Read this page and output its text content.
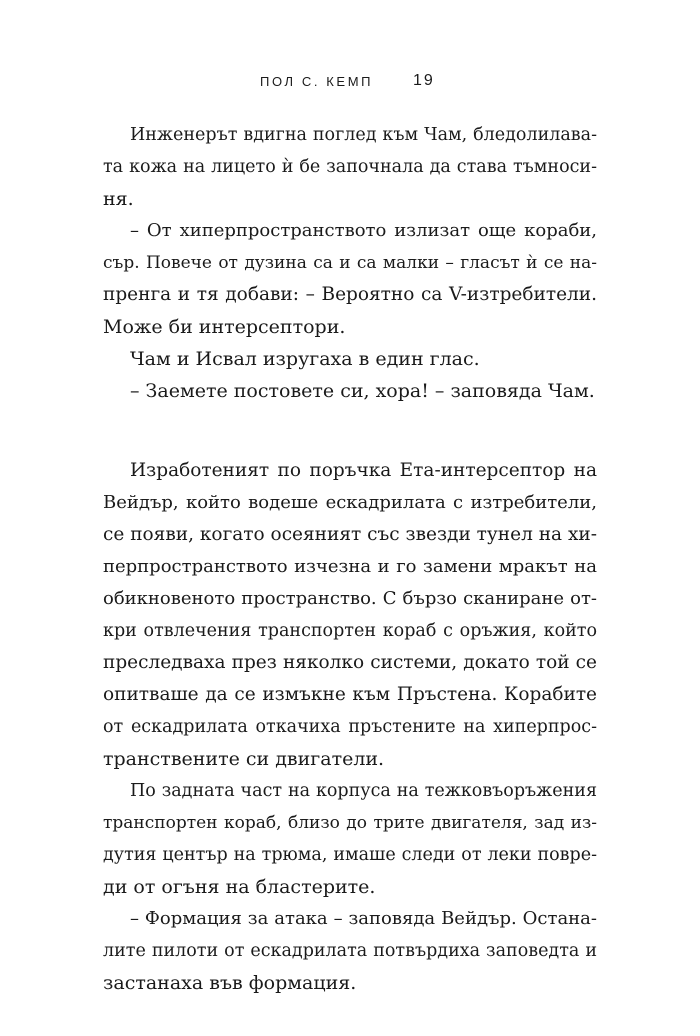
ПОЛ С. КЕМП 19
Инженерът вдигна поглед към Чам, бледолилава-
та кожа на лицето ѝ бе започнала да става тъмноси-
ня.
– От хиперпространството излизат още кораби,
сър. Повече от дузина са и са малки – гласът ѝ се на-
пренга и тя добави: – Вероятно са V-изтребители.
Може би интерсептори.
Чам и Исвал изругаха в един глас.
– Заемете постовете си, хора! – заповяда Чам.
Изработеният по поръчка Ета-интерсептор на
Вейдър, който водеше ескадрилата с изтребители,
се появи, когато осеяният със звезди тунел на хи-
перпространството изчезна и го замени мракът на
обикновеното пространство. С бързо сканиране от-
кри отвлечения транспортен кораб с оръжия, който
преследваха през няколко системи, докато той се
опитваше да се измъкне към Пръстена. Корабите
от ескадрилата откачиха пръстените на хиперпрос-
транствените си двигатели.
По задната част на корпуса на тежковъоръжения
транспортен кораб, близо до трите двигателя, зад из-
дутия център на трюма, имаше следи от леки повре-
ди от огъня на бластерите.
– Формация за атака – заповяда Вейдър. Остана-
лите пилоти от ескадрилата потвърдиха заповедта и
застанаха във формация.
